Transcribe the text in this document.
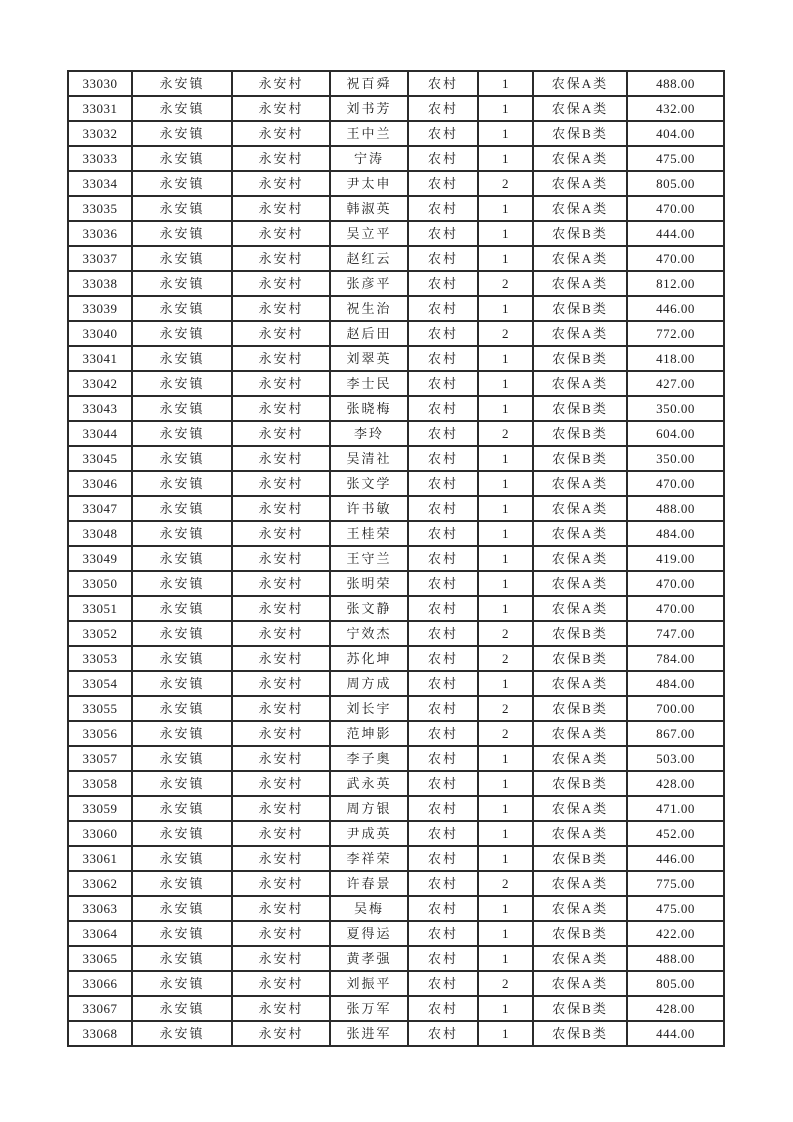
33030	永安镇	永安村	祝百舜	农村	1	农保A类	488.00
33031	永安镇	永安村	刘书芳	农村	1	农保A类	432.00
33032	永安镇	永安村	王中兰	农村	1	农保B类	404.00
33033	永安镇	永安村	宁涛	农村	1	农保A类	475.00
33034	永安镇	永安村	尹太申	农村	2	农保A类	805.00
33035	永安镇	永安村	韩淑英	农村	1	农保A类	470.00
33036	永安镇	永安村	吴立平	农村	1	农保B类	444.00
33037	永安镇	永安村	赵红云	农村	1	农保A类	470.00
33038	永安镇	永安村	张彦平	农村	2	农保A类	812.00
33039	永安镇	永安村	祝生治	农村	1	农保B类	446.00
33040	永安镇	永安村	赵后田	农村	2	农保A类	772.00
33041	永安镇	永安村	刘翠英	农村	1	农保B类	418.00
33042	永安镇	永安村	李士民	农村	1	农保A类	427.00
33043	永安镇	永安村	张晓梅	农村	1	农保B类	350.00
33044	永安镇	永安村	李玲	农村	2	农保B类	604.00
33045	永安镇	永安村	吴清社	农村	1	农保B类	350.00
33046	永安镇	永安村	张文学	农村	1	农保A类	470.00
33047	永安镇	永安村	许书敏	农村	1	农保A类	488.00
33048	永安镇	永安村	王桂荣	农村	1	农保A类	484.00
33049	永安镇	永安村	王守兰	农村	1	农保A类	419.00
33050	永安镇	永安村	张明荣	农村	1	农保A类	470.00
33051	永安镇	永安村	张文静	农村	1	农保A类	470.00
33052	永安镇	永安村	宁效杰	农村	2	农保B类	747.00
33053	永安镇	永安村	苏化坤	农村	2	农保B类	784.00
33054	永安镇	永安村	周方成	农村	1	农保A类	484.00
33055	永安镇	永安村	刘长宇	农村	2	农保B类	700.00
33056	永安镇	永安村	范坤影	农村	2	农保A类	867.00
33057	永安镇	永安村	李子奥	农村	1	农保A类	503.00
33058	永安镇	永安村	武永英	农村	1	农保B类	428.00
33059	永安镇	永安村	周方银	农村	1	农保A类	471.00
33060	永安镇	永安村	尹成英	农村	1	农保A类	452.00
33061	永安镇	永安村	李祥荣	农村	1	农保B类	446.00
33062	永安镇	永安村	许春景	农村	2	农保A类	775.00
33063	永安镇	永安村	吴梅	农村	1	农保A类	475.00
33064	永安镇	永安村	夏得运	农村	1	农保B类	422.00
33065	永安镇	永安村	黄孝强	农村	1	农保A类	488.00
33066	永安镇	永安村	刘振平	农村	2	农保A类	805.00
33067	永安镇	永安村	张万军	农村	1	农保B类	428.00
33068	永安镇	永安村	张进军	农村	1	农保B类	444.00
